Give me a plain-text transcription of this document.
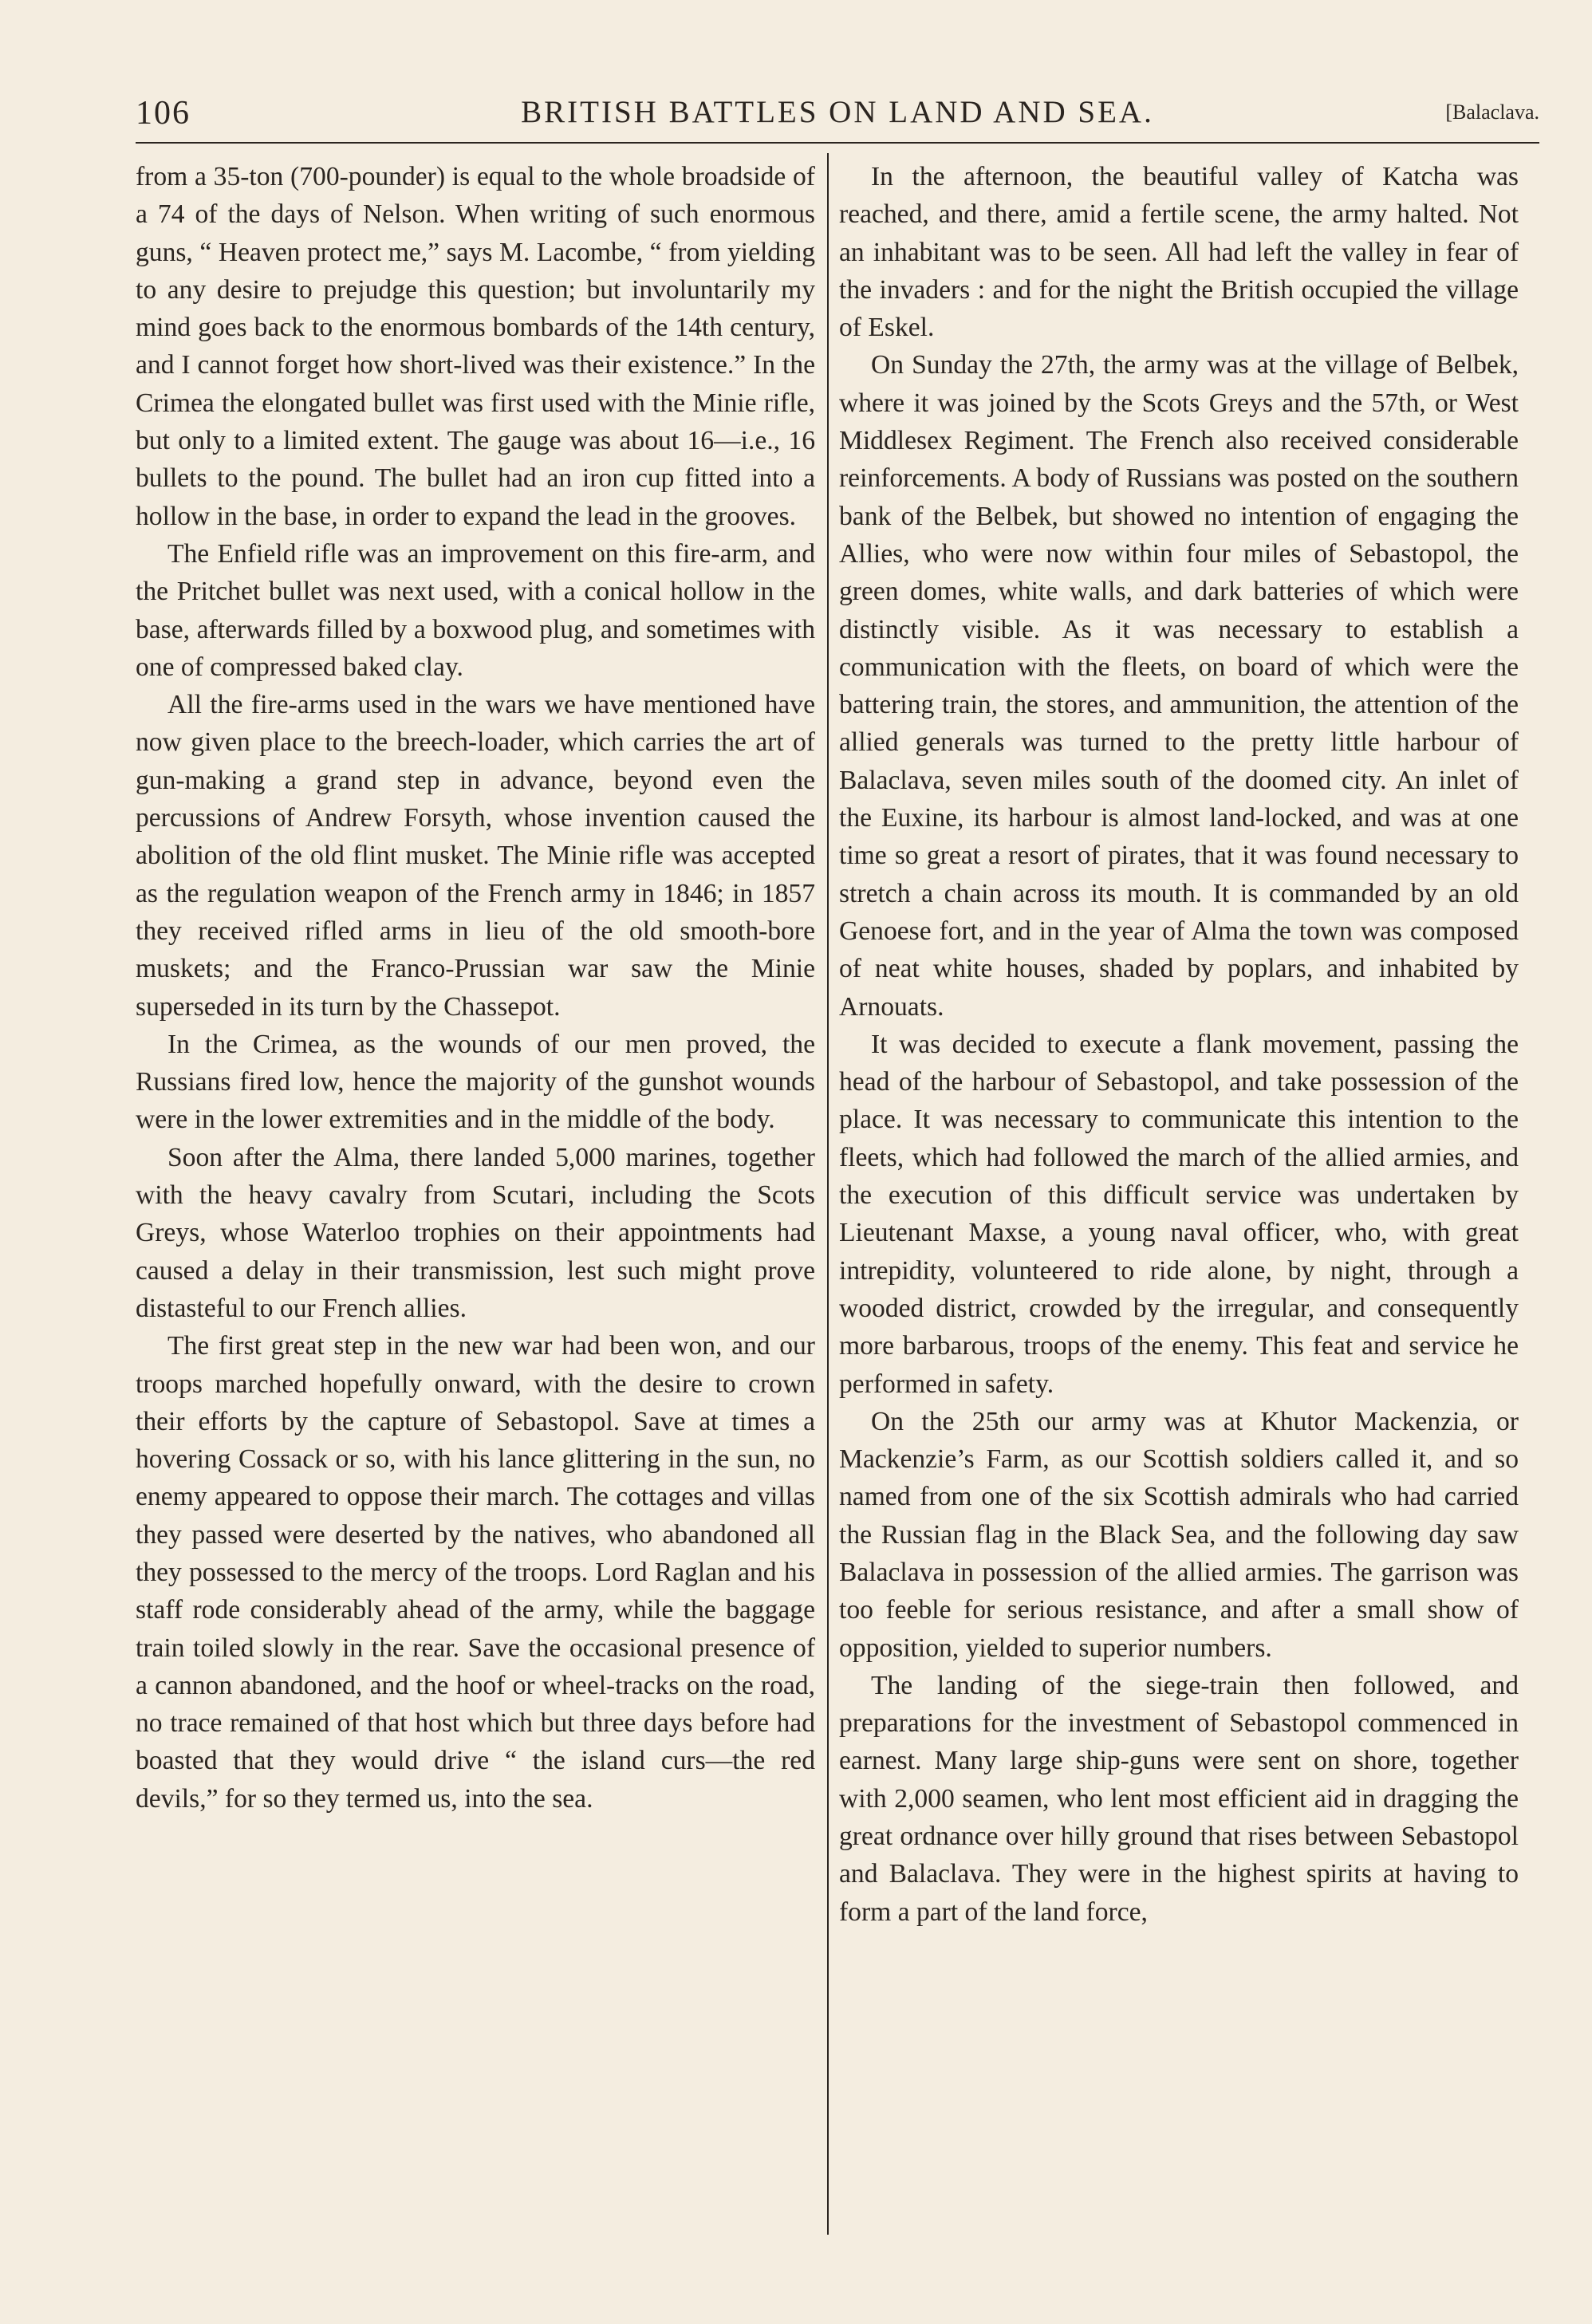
106	BRITISH BATTLES ON LAND AND SEA.	[Balaclava.

from a 35-ton (700-pounder) is equal to the whole broadside of a 74 of the days of Nelson. When writing of such enormous guns, “ Heaven protect me,” says M. Lacombe, “ from yielding to any desire to prejudge this question; but involuntarily my mind goes back to the enormous bombards of the 14th century, and I cannot forget how short-lived was their existence.” In the Crimea the elongated bullet was first used with the Minie rifle, but only to a limited extent. The gauge was about 16—i.e., 16 bullets to the pound. The bullet had an iron cup fitted into a hollow in the base, in order to expand the lead in the grooves.

The Enfield rifle was an improvement on this fire-arm, and the Pritchet bullet was next used, with a conical hollow in the base, afterwards filled by a boxwood plug, and sometimes with one of compressed baked clay.

All the fire-arms used in the wars we have mentioned have now given place to the breech-loader, which carries the art of gun-making a grand step in advance, beyond even the percussions of Andrew Forsyth, whose invention caused the abolition of the old flint musket. The Minie rifle was accepted as the regulation weapon of the French army in 1846; in 1857 they received rifled arms in lieu of the old smooth-bore muskets; and the Franco-Prussian war saw the Minie superseded in its turn by the Chassepot.

In the Crimea, as the wounds of our men proved, the Russians fired low, hence the majority of the gunshot wounds were in the lower extremities and in the middle of the body.

Soon after the Alma, there landed 5,000 marines, together with the heavy cavalry from Scutari, including the Scots Greys, whose Waterloo trophies on their appointments had caused a delay in their transmission, lest such might prove distasteful to our French allies.

The first great step in the new war had been won, and our troops marched hopefully onward, with the desire to crown their efforts by the capture of Sebastopol. Save at times a hovering Cossack or so, with his lance glittering in the sun, no enemy appeared to oppose their march. The cottages and villas they passed were deserted by the natives, who abandoned all they possessed to the mercy of the troops. Lord Raglan and his staff rode considerably ahead of the army, while the baggage train toiled slowly in the rear. Save the occasional presence of a cannon abandoned, and the hoof or wheel-tracks on the road, no trace remained of that host which but three days before had boasted that they would drive “ the island curs—the red devils,” for so they termed us, into the sea.

In the afternoon, the beautiful valley of Katcha was reached, and there, amid a fertile scene, the army halted. Not an inhabitant was to be seen. All had left the valley in fear of the invaders : and for the night the British occupied the village of Eskel.

On Sunday the 27th, the army was at the village of Belbek, where it was joined by the Scots Greys and the 57th, or West Middlesex Regiment. The French also received considerable reinforcements. A body of Russians was posted on the southern bank of the Belbek, but showed no intention of engaging the Allies, who were now within four miles of Sebastopol, the green domes, white walls, and dark batteries of which were distinctly visible. As it was necessary to establish a communication with the fleets, on board of which were the battering train, the stores, and ammunition, the attention of the allied generals was turned to the pretty little harbour of Balaclava, seven miles south of the doomed city. An inlet of the Euxine, its harbour is almost land-locked, and was at one time so great a resort of pirates, that it was found necessary to stretch a chain across its mouth. It is commanded by an old Genoese fort, and in the year of Alma the town was composed of neat white houses, shaded by poplars, and inhabited by Arnouats.

It was decided to execute a flank movement, passing the head of the harbour of Sebastopol, and take possession of the place. It was necessary to communicate this intention to the fleets, which had followed the march of the allied armies, and the execution of this difficult service was undertaken by Lieutenant Maxse, a young naval officer, who, with great intrepidity, volunteered to ride alone, by night, through a wooded district, crowded by the irregular, and consequently more barbarous, troops of the enemy. This feat and service he performed in safety.

On the 25th our army was at Khutor Mackenzia, or Mackenzie’s Farm, as our Scottish soldiers called it, and so named from one of the six Scottish admirals who had carried the Russian flag in the Black Sea, and the following day saw Balaclava in possession of the allied armies. The garrison was too feeble for serious resistance, and after a small show of opposition, yielded to superior numbers.

The landing of the siege-train then followed, and preparations for the investment of Sebastopol commenced in earnest. Many large ship-guns were sent on shore, together with 2,000 seamen, who lent most efficient aid in dragging the great ordnance over hilly ground that rises between Sebastopol and Balaclava. They were in the highest spirits at having to form a part of the land force,
